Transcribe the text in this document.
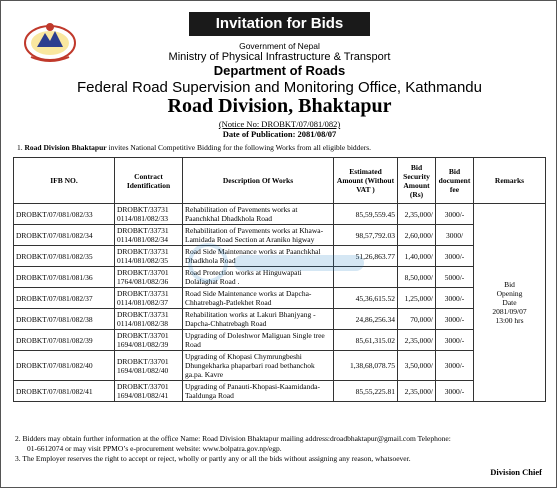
Invitation for Bids
Government of Nepal
Ministry of Physical Infrastructure & Transport
Department of Roads
Federal Road Supervision and Monitoring Office, Kathmandu
Road Division, Bhaktapur
(Notice No: DROBKT/07/081/082)
Date of Publication: 2081/08/07
1. Road Division Bhaktapur invites National Competitive Bidding for the following Works from all eligible bidders.
IFB NO.	Contract Identification	Description Of Works	Estimated Amount (Without VAT )	Bid Security Amount (Rs)	Bid document fee	Remarks
DROBKT/07/081/082/33	DROBKT/33731 0114/081/082/33	Rehabilitation of Pavements works at Paanchkhal Dhadkhola Road	85,59,559.45	2,35,000/	3000/-	Bid
Opening
Date
2081/09/07
13:00 hrs

DROBKT/07/081/082/34	DROBKT/33731 0114/081/082/34	Rehabilitation of Pavements works at Khawa- Lamidada Road Section at Araniko higway	98,57,792.03	2,60,000/	3000/	
DROBKT/07/081/082/35	DROBKT/33731 0114/081/082/35	Road Side Maintenance works at Paanchkhal Dhadkhola Road	51,26,863.77	1,40,000/	3000/-	
DROBKT/07/081/081/36	DROBKT/33701 1764/081/082/36	Road Protection works at Hinguwapati Dolalaghat Road .		8,50,000/	5000/-	
DROBKT/07/081/082/37	DROBKT/33731 0114/081/082/37	Road Side Maintenance works at Dapcha-Chhatrebagh-Patlekhet Road	45,36,615.52	1,25,000/	3000/-	
DROBKT/07/081/082/38	DROBKT/33731 0114/081/082/38	Rehabilitation works at Lakuri Bhanjyang -Dapcha-Chhatrebagh Road	24,86,256.34	70,000/	3000/-	
DROBKT/07/081/082/39	DROBKT/33701 1694/081/082/39	Upgrading of Doleshwor Maliguan Single tree Road	85,61,315.02	2,35,000/	3000/-	
DROBKT/07/081/082/40	DROBKT/33701 1694/081/082/40	Upgrading of Khopasi Chymrungbeshi Dhungekharka phaparbari road bethanchok ga.pa. Kavre	1,38,68,078.75	3,50,000/	3000/-	
DROBKT/07/081/082/41	DROBKT/33701 1694/081/082/41	Upgrading of Panauti-Khopasi-Kaamidanda-Taaldunga Road	85,55,225.81	2,35,000/	3000/-	
2. Bidders may obtain further information at the office Name: Road Division Bhaktapur mailing address:droadbhaktapur@gmail.com Telephone:
01-6612074 or may visit PPMO’s e-procurement website: www.bolpatra.gov.np/egp.
3. The Employer reserves the right to accept or reject, wholly or partly any or all the bids without assigning any reason, whatsoever.
Division Chief
